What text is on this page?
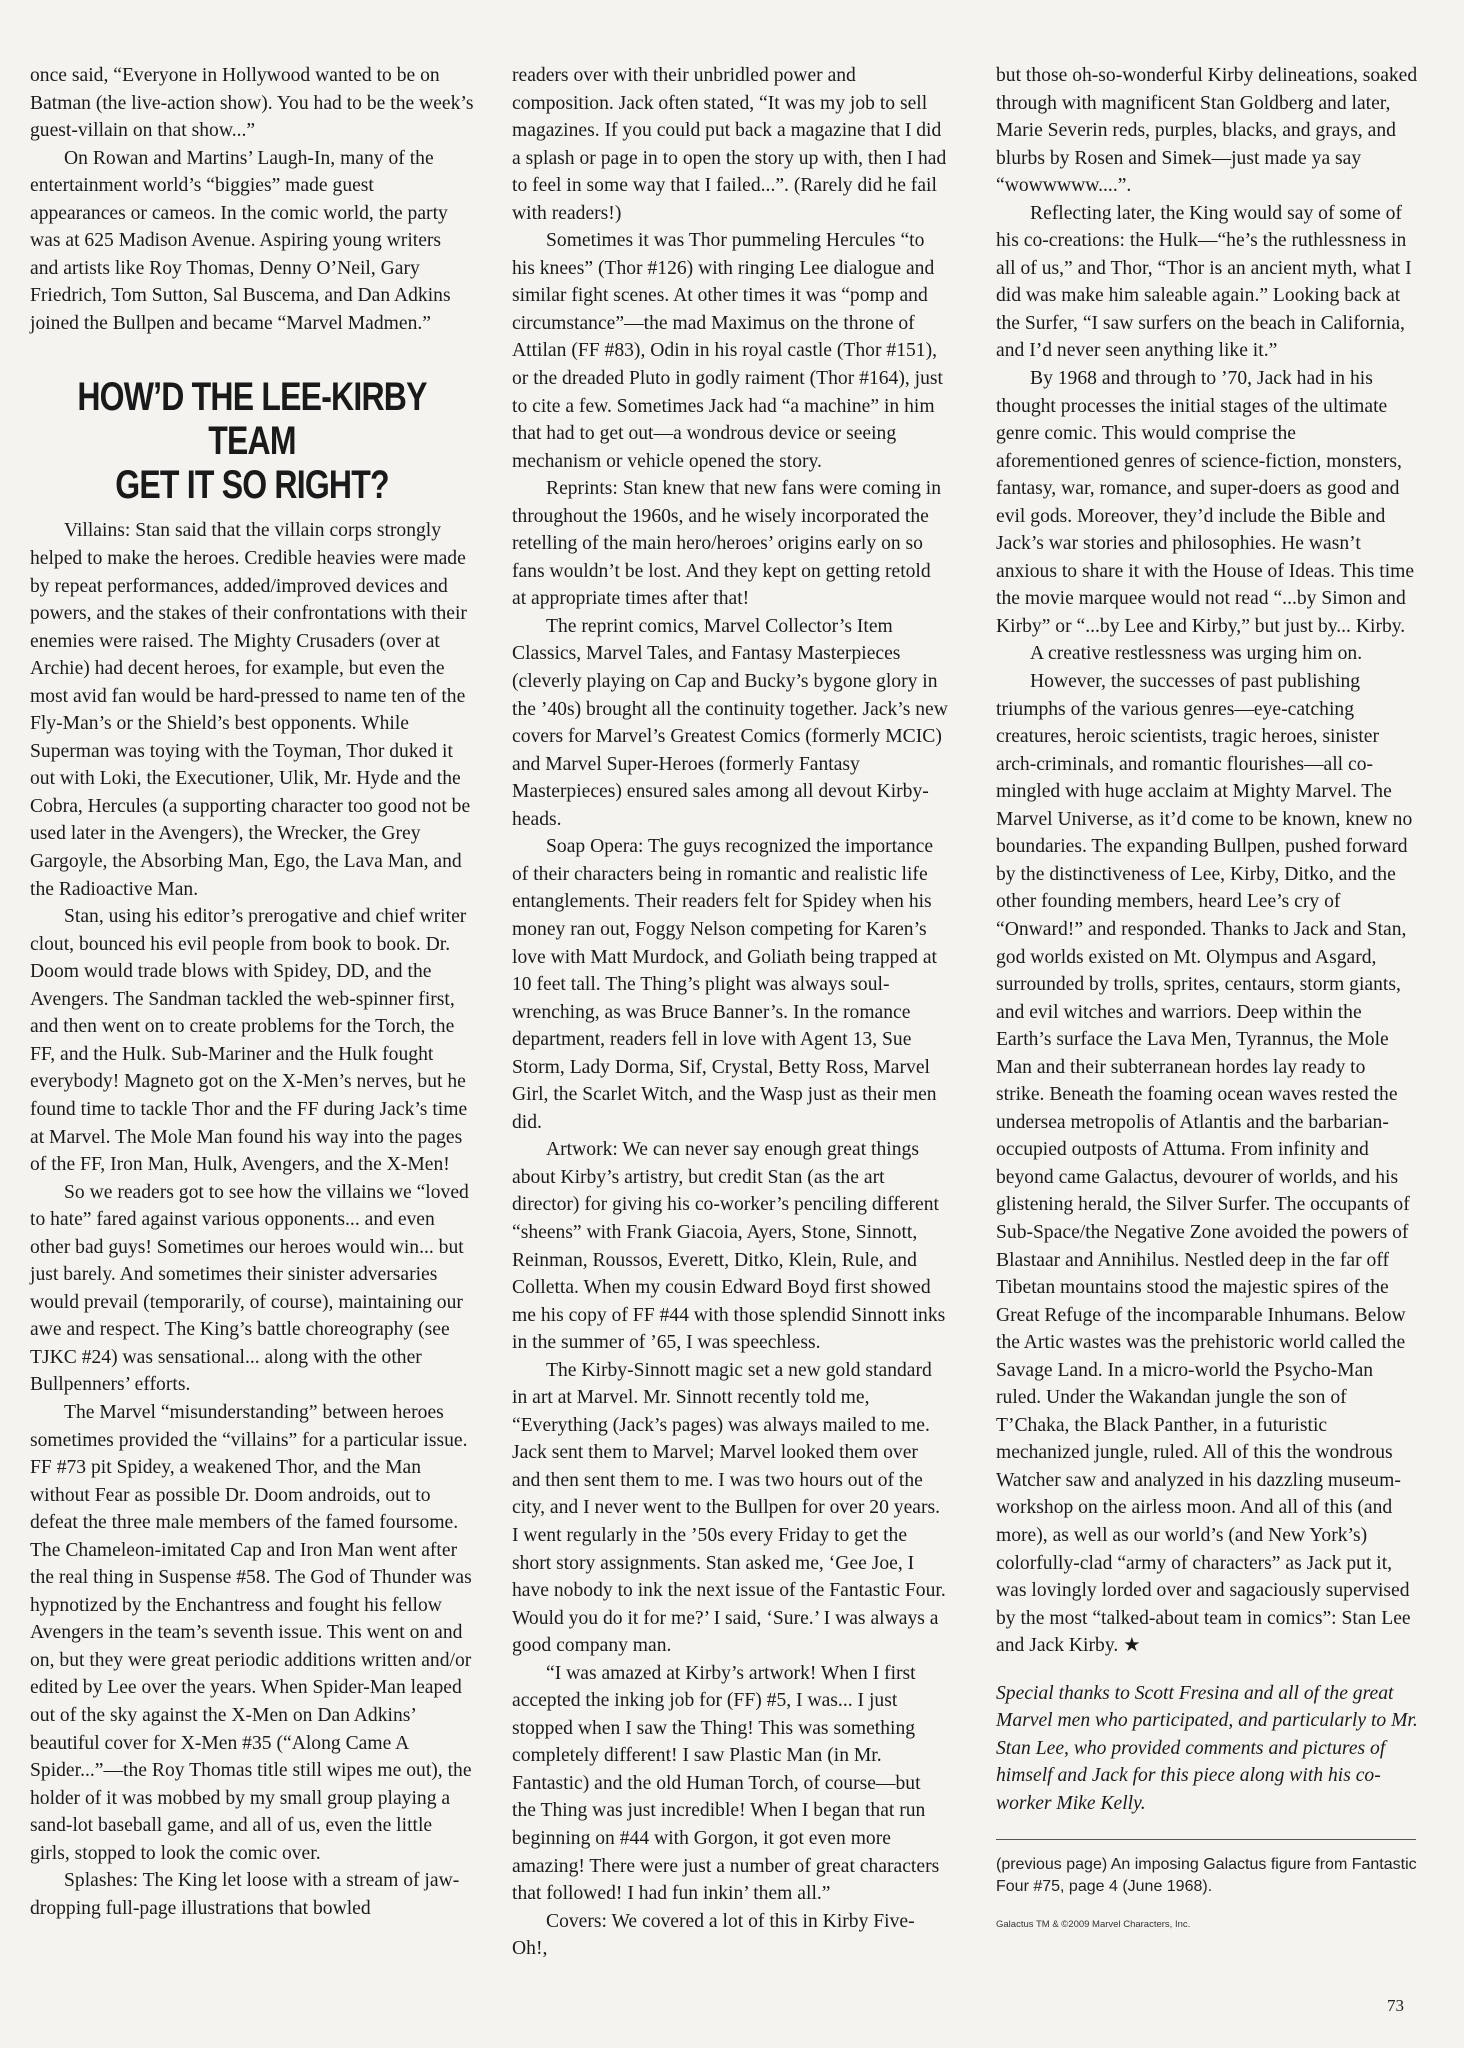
once said, “Everyone in Hollywood wanted to be on Batman (the live-action show). You had to be the week’s guest-villain on that show...”

On Rowan and Martins’ Laugh-In, many of the entertainment world’s “biggies” made guest appearances or cameos. In the comic world, the party was at 625 Madison Avenue. Aspiring young writers and artists like Roy Thomas, Denny O’Neil, Gary Friedrich, Tom Sutton, Sal Buscema, and Dan Adkins joined the Bullpen and became “Marvel Madmen.”

HOW’D THE LEE-KIRBY TEAM
GET IT SO RIGHT?

Villains: Stan said that the villain corps strongly helped to make the heroes. Credible heavies were made by repeat performances, added/improved devices and powers, and the stakes of their confrontations with their enemies were raised. The Mighty Crusaders (over at Archie) had decent heroes, for example, but even the most avid fan would be hard-pressed to name ten of the Fly-Man’s or the Shield’s best opponents. While Superman was toying with the Toyman, Thor duked it out with Loki, the Executioner, Ulik, Mr. Hyde and the Cobra, Hercules (a supporting character too good not be used later in the Avengers), the Wrecker, the Grey Gargoyle, the Absorbing Man, Ego, the Lava Man, and the Radioactive Man.

Stan, using his editor’s prerogative and chief writer clout, bounced his evil people from book to book. Dr. Doom would trade blows with Spidey, DD, and the Avengers. The Sandman tackled the web-spinner first, and then went on to create problems for the Torch, the FF, and the Hulk. Sub-Mariner and the Hulk fought everybody! Magneto got on the X-Men’s nerves, but he found time to tackle Thor and the FF during Jack’s time at Marvel. The Mole Man found his way into the pages of the FF, Iron Man, Hulk, Avengers, and the X-Men!

So we readers got to see how the villains we “loved to hate” fared against various opponents... and even other bad guys! Sometimes our heroes would win... but just barely. And sometimes their sinister adversaries would prevail (temporarily, of course), maintaining our awe and respect. The King’s battle choreography (see TJKC #24) was sensational... along with the other Bullpenners’ efforts.

The Marvel “misunderstanding” between heroes sometimes provided the “villains” for a particular issue. FF #73 pit Spidey, a weakened Thor, and the Man without Fear as possible Dr. Doom androids, out to defeat the three male members of the famed foursome. The Chameleon-imitated Cap and Iron Man went after the real thing in Suspense #58. The God of Thunder was hypnotized by the Enchantress and fought his fellow Avengers in the team’s seventh issue. This went on and on, but they were great periodic additions written and/or edited by Lee over the years. When Spider-Man leaped out of the sky against the X-Men on Dan Adkins’ beautiful cover for X-Men #35 (“Along Came A Spider...”—the Roy Thomas title still wipes me out), the holder of it was mobbed by my small group playing a sand-lot baseball game, and all of us, even the little girls, stopped to look the comic over.

Splashes: The King let loose with a stream of jaw-dropping full-page illustrations that bowled

readers over with their unbridled power and composition. Jack often stated, “It was my job to sell magazines. If you could put back a magazine that I did a splash or page in to open the story up with, then I had to feel in some way that I failed...”. (Rarely did he fail with readers!)

Sometimes it was Thor pummeling Hercules “to his knees” (Thor #126) with ringing Lee dialogue and similar fight scenes. At other times it was “pomp and circumstance”—the mad Maximus on the throne of Attilan (FF #83), Odin in his royal castle (Thor #151), or the dreaded Pluto in godly raiment (Thor #164), just to cite a few. Sometimes Jack had “a machine” in him that had to get out—a wondrous device or seeing mechanism or vehicle opened the story.

Reprints: Stan knew that new fans were coming in throughout the 1960s, and he wisely incorporated the retelling of the main hero/heroes’ origins early on so fans wouldn’t be lost. And they kept on getting retold at appropriate times after that!

The reprint comics, Marvel Collector’s Item Classics, Marvel Tales, and Fantasy Masterpieces (cleverly playing on Cap and Bucky’s bygone glory in the ’40s) brought all the continuity together. Jack’s new covers for Marvel’s Greatest Comics (formerly MCIC) and Marvel Super-Heroes (formerly Fantasy Masterpieces) ensured sales among all devout Kirby-heads.

Soap Opera: The guys recognized the importance of their characters being in romantic and realistic life entanglements. Their readers felt for Spidey when his money ran out, Foggy Nelson competing for Karen’s love with Matt Murdock, and Goliath being trapped at 10 feet tall. The Thing’s plight was always soul-wrenching, as was Bruce Banner’s. In the romance department, readers fell in love with Agent 13, Sue Storm, Lady Dorma, Sif, Crystal, Betty Ross, Marvel Girl, the Scarlet Witch, and the Wasp just as their men did.

Artwork: We can never say enough great things about Kirby’s artistry, but credit Stan (as the art director) for giving his co-worker’s penciling different “sheens” with Frank Giacoia, Ayers, Stone, Sinnott, Reinman, Roussos, Everett, Ditko, Klein, Rule, and Colletta. When my cousin Edward Boyd first showed me his copy of FF #44 with those splendid Sinnott inks in the summer of ’65, I was speechless.

The Kirby-Sinnott magic set a new gold standard in art at Marvel. Mr. Sinnott recently told me, “Everything (Jack’s pages) was always mailed to me. Jack sent them to Marvel; Marvel looked them over and then sent them to me. I was two hours out of the city, and I never went to the Bullpen for over 20 years. I went regularly in the ’50s every Friday to get the short story assignments. Stan asked me, ‘Gee Joe, I have nobody to ink the next issue of the Fantastic Four. Would you do it for me?’ I said, ‘Sure.’ I was always a good company man.

“I was amazed at Kirby’s artwork! When I first accepted the inking job for (FF) #5, I was... I just stopped when I saw the Thing! This was something completely different! I saw Plastic Man (in Mr. Fantastic) and the old Human Torch, of course—but the Thing was just incredible! When I began that run beginning on #44 with Gorgon, it got even more amazing! There were just a number of great characters that followed! I had fun inkin’ them all.”

Covers: We covered a lot of this in Kirby Five-Oh!,

but those oh-so-wonderful Kirby delineations, soaked through with magnificent Stan Goldberg and later, Marie Severin reds, purples, blacks, and grays, and blurbs by Rosen and Simek—just made ya say “wowwwww....”.

Reflecting later, the King would say of some of his co-creations: the Hulk—“he’s the ruthlessness in all of us,” and Thor, “Thor is an ancient myth, what I did was make him saleable again.” Looking back at the Surfer, “I saw surfers on the beach in California, and I’d never seen anything like it.”

By 1968 and through to ’70, Jack had in his thought processes the initial stages of the ultimate genre comic. This would comprise the aforementioned genres of science-fiction, monsters, fantasy, war, romance, and super-doers as good and evil gods. Moreover, they’d include the Bible and Jack’s war stories and philosophies. He wasn’t anxious to share it with the House of Ideas. This time the movie marquee would not read “...by Simon and Kirby” or “...by Lee and Kirby,” but just by... Kirby.

A creative restlessness was urging him on.

However, the successes of past publishing triumphs of the various genres—eye-catching creatures, heroic scientists, tragic heroes, sinister arch-criminals, and romantic flourishes—all co-mingled with huge acclaim at Mighty Marvel. The Marvel Universe, as it’d come to be known, knew no boundaries. The expanding Bullpen, pushed forward by the distinctiveness of Lee, Kirby, Ditko, and the other founding members, heard Lee’s cry of “Onward!” and responded. Thanks to Jack and Stan, god worlds existed on Mt. Olympus and Asgard, surrounded by trolls, sprites, centaurs, storm giants, and evil witches and warriors. Deep within the Earth’s surface the Lava Men, Tyrannus, the Mole Man and their subterranean hordes lay ready to strike. Beneath the foaming ocean waves rested the undersea metropolis of Atlantis and the barbarian-occupied outposts of Attuma. From infinity and beyond came Galactus, devourer of worlds, and his glistening herald, the Silver Surfer. The occupants of Sub-Space/the Negative Zone avoided the powers of Blastaar and Annihilus. Nestled deep in the far off Tibetan mountains stood the majestic spires of the Great Refuge of the incomparable Inhumans. Below the Artic wastes was the prehistoric world called the Savage Land. In a micro-world the Psycho-Man ruled. Under the Wakandan jungle the son of T’Chaka, the Black Panther, in a futuristic mechanized jungle, ruled. All of this the wondrous Watcher saw and analyzed in his dazzling museum-workshop on the airless moon. And all of this (and more), as well as our world’s (and New York’s) colorfully-clad “army of characters” as Jack put it, was lovingly lorded over and sagaciously supervised by the most “talked-about team in comics”: Stan Lee and Jack Kirby. ★

Special thanks to Scott Fresina and all of the great Marvel men who participated, and particularly to Mr. Stan Lee, who provided comments and pictures of himself and Jack for this piece along with his co-worker Mike Kelly.

(previous page) An imposing Galactus figure from Fantastic Four #75, page 4 (June 1968).

Galactus TM & ©2009 Marvel Characters, Inc.
73
